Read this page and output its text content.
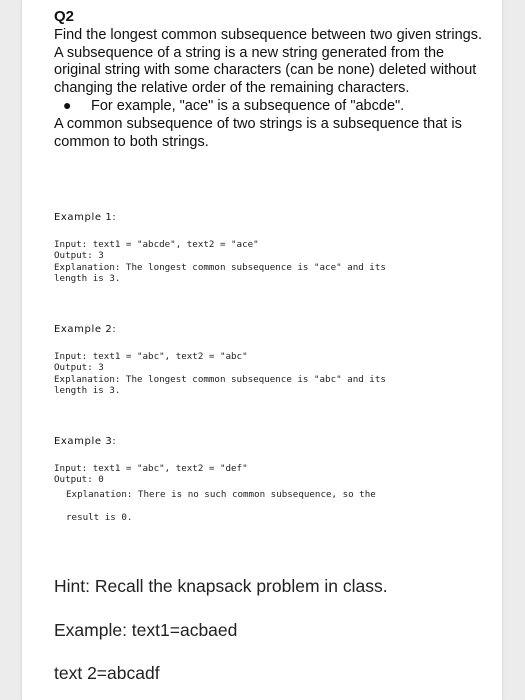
Q2

Find the longest common subsequence between two given strings. A subsequence of a string is a new string generated from the original string with some characters (can be none) deleted without changing the relative order of the remaining characters.

●	For example, "ace" is a subsequence of "abcde".

A common subsequence of two strings is a subsequence that is common to both strings.

Example 1:
Input: text1 = "abcde", text2 = "ace"
Output: 3
Explanation: The longest common subsequence is "ace" and its
length is 3.
Example 2:
Input: text1 = "abc", text2 = "abc"
Output: 3
Explanation: The longest common subsequence is "abc" and its
length is 3.
Example 3:
Input: text1 = "abc", text2 = "def"
Output: 0
Explanation: There is no such common subsequence, so the
result is 0.
Hint: Recall the knapsack problem in class.
Example: text1=acbaed
text 2=abcadf
